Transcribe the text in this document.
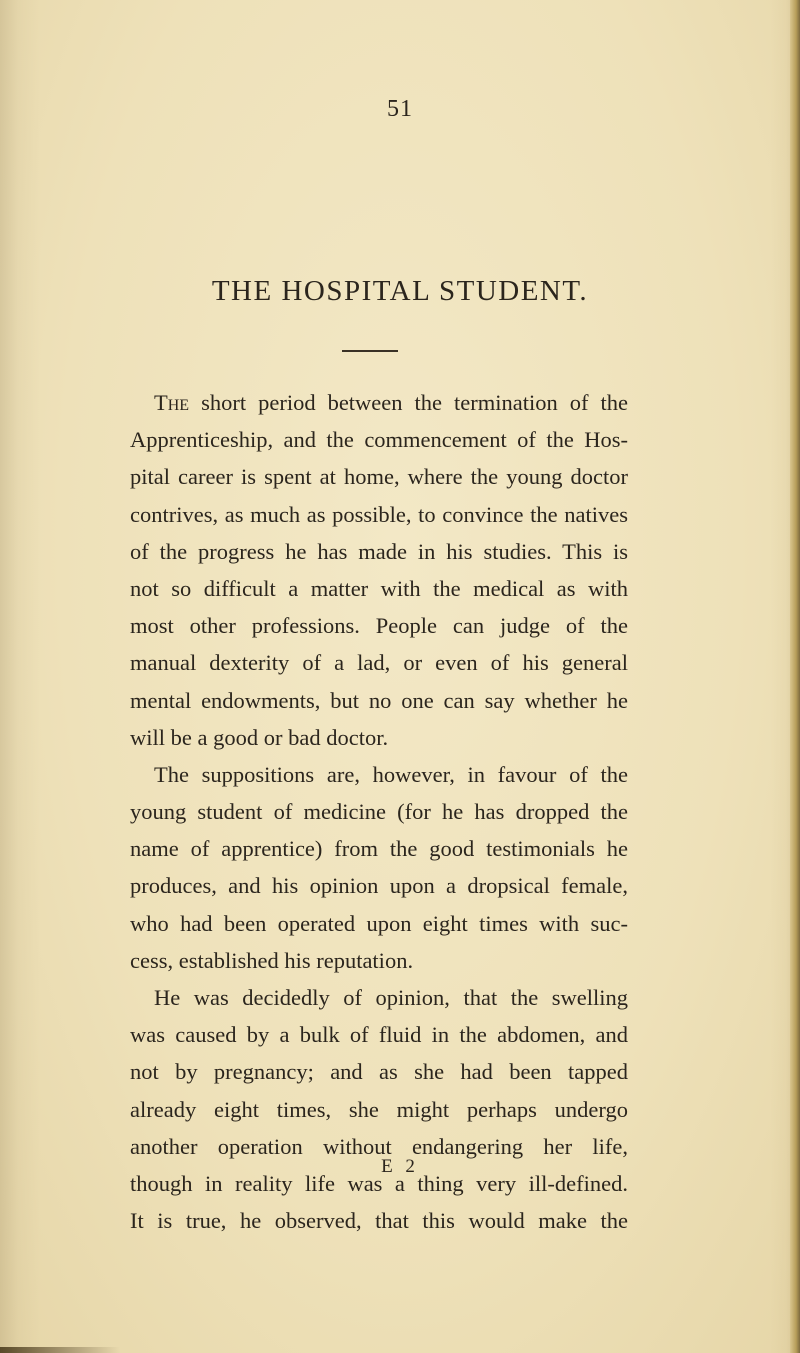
51
THE HOSPITAL STUDENT.
The short period between the termination of the
Apprenticeship, and the commencement of the Hos-
pital career is spent at home, where the young doctor
contrives, as much as possible, to convince the natives
of the progress he has made in his studies. This is
not so difficult a matter with the medical as with
most other professions. People can judge of the
manual dexterity of a lad, or even of his general
mental endowments, but no one can say whether he
will be a good or bad doctor.
The suppositions are, however, in favour of the
young student of medicine (for he has dropped the
name of apprentice) from the good testimonials he
produces, and his opinion upon a dropsical female,
who had been operated upon eight times with suc-
cess, established his reputation.
He was decidedly of opinion, that the swelling
was caused by a bulk of fluid in the abdomen, and
not by pregnancy; and as she had been tapped
already eight times, she might perhaps undergo
another operation without endangering her life,
though in reality life was a thing very ill-defined.
It is true, he observed, that this would make the
E 2
